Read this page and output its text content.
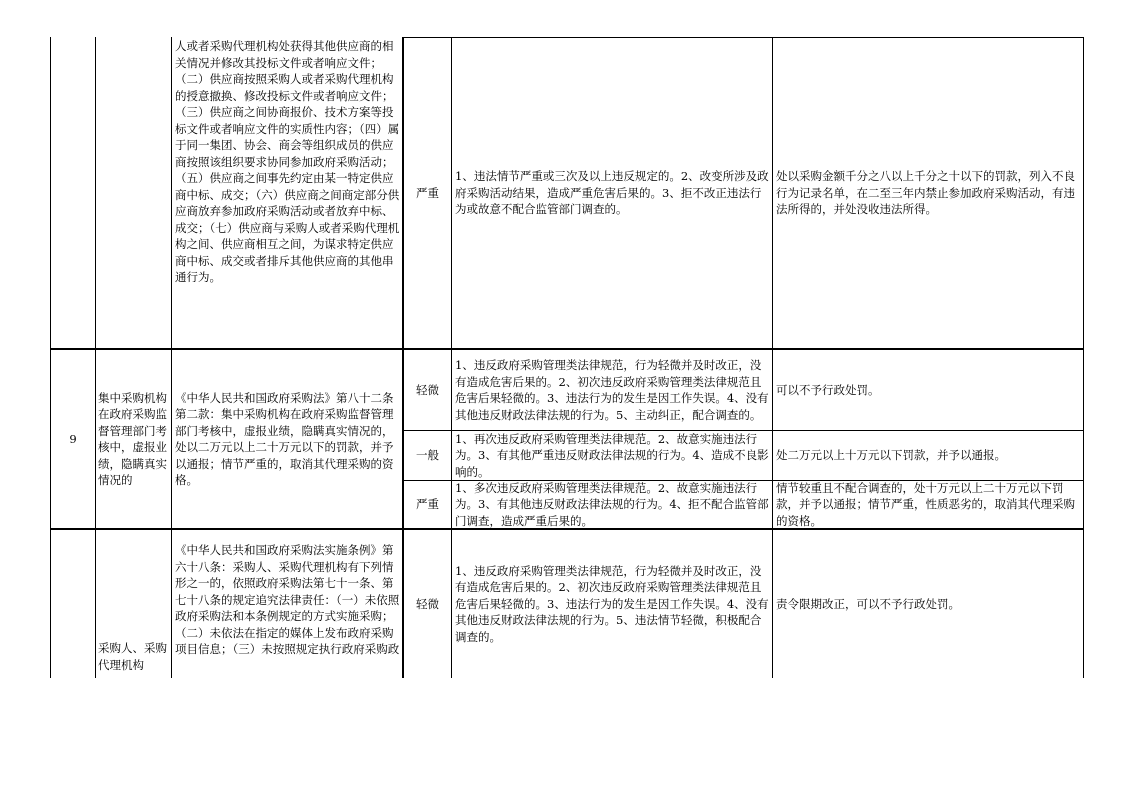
人或者采购代理机构处获得其他供应商的相关情况并修改其投标文件或者响应文件；（二）供应商按照采购人或者采购代理机构的授意撤换、修改投标文件或者响应文件；（三）供应商之间协商报价、技术方案等投标文件或者响应文件的实质性内容；（四）属于同一集团、协会、商会等组织成员的供应商按照该组织要求协同参加政府采购活动；（五）供应商之间事先约定由某一特定供应商中标、成交；（六）供应商之间商定部分供应商放弃参加政府采购活动或者放弃中标、成交；（七）供应商与采购人或者采购代理机构之间、供应商相互之间，为谋求特定供应商中标、成交或者排斥其他供应商的其他串通行为。
严重
1、违法情节严重或三次及以上违反规定的。2、改变所涉及政府采购活动结果，造成严重危害后果的。3、拒不改正违法行为或故意不配合监管部门调查的。
处以采购金额千分之八以上千分之十以下的罚款，列入不良行为记录名单，在二至三年内禁止参加政府采购活动，有违法所得的，并处没收违法所得。
9
集中采购机构在政府采购监督管理部门考核中，虚报业绩，隐瞒真实情况的
《中华人民共和国政府采购法》第八十二条第二款：集中采购机构在政府采购监督管理部门考核中，虚报业绩，隐瞒真实情况的，处以二万元以上二十万元以下的罚款，并予以通报；情节严重的，取消其代理采购的资格。
轻微
1、违反政府采购管理类法律规范，行为轻微并及时改正，没有造成危害后果的。2、初次违反政府采购管理类法律规范且危害后果轻微的。3、违法行为的发生是因工作失误。4、没有其他违反财政法律法规的行为。5、主动纠正，配合调查的。
可以不予行政处罚。
一般
1、再次违反政府采购管理类法律规范。2、故意实施违法行为。3、有其他严重违反财政法律法规的行为。4、造成不良影响的。
处二万元以上十万元以下罚款，并予以通报。
严重
1、多次违反政府采购管理类法律规范。2、故意实施违法行为。3、有其他违反财政法律法规的行为。4、拒不配合监管部门调查，造成严重后果的。
情节较重且不配合调查的，处十万元以上二十万元以下罚款，并予以通报；情节严重，性质恶劣的，取消其代理采购的资格。
采购人、采购代理机构
《中华人民共和国政府采购法实施条例》第六十八条：采购人、采购代理机构有下列情形之一的，依照政府采购法第七十一条、第七十八条的规定追究法律责任：（一）未依照政府采购法和本条例规定的方式实施采购；（二）未依法在指定的媒体上发布政府采购项目信息；（三）未按照规定执行政府采购政
轻微
1、违反政府采购管理类法律规范，行为轻微并及时改正，没有造成危害后果的。2、初次违反政府采购管理类法律规范且危害后果轻微的。3、违法行为的发生是因工作失误。4、没有其他违反财政法律法规的行为。5、违法情节轻微，积极配合调查的。
责令限期改正，可以不予行政处罚。
